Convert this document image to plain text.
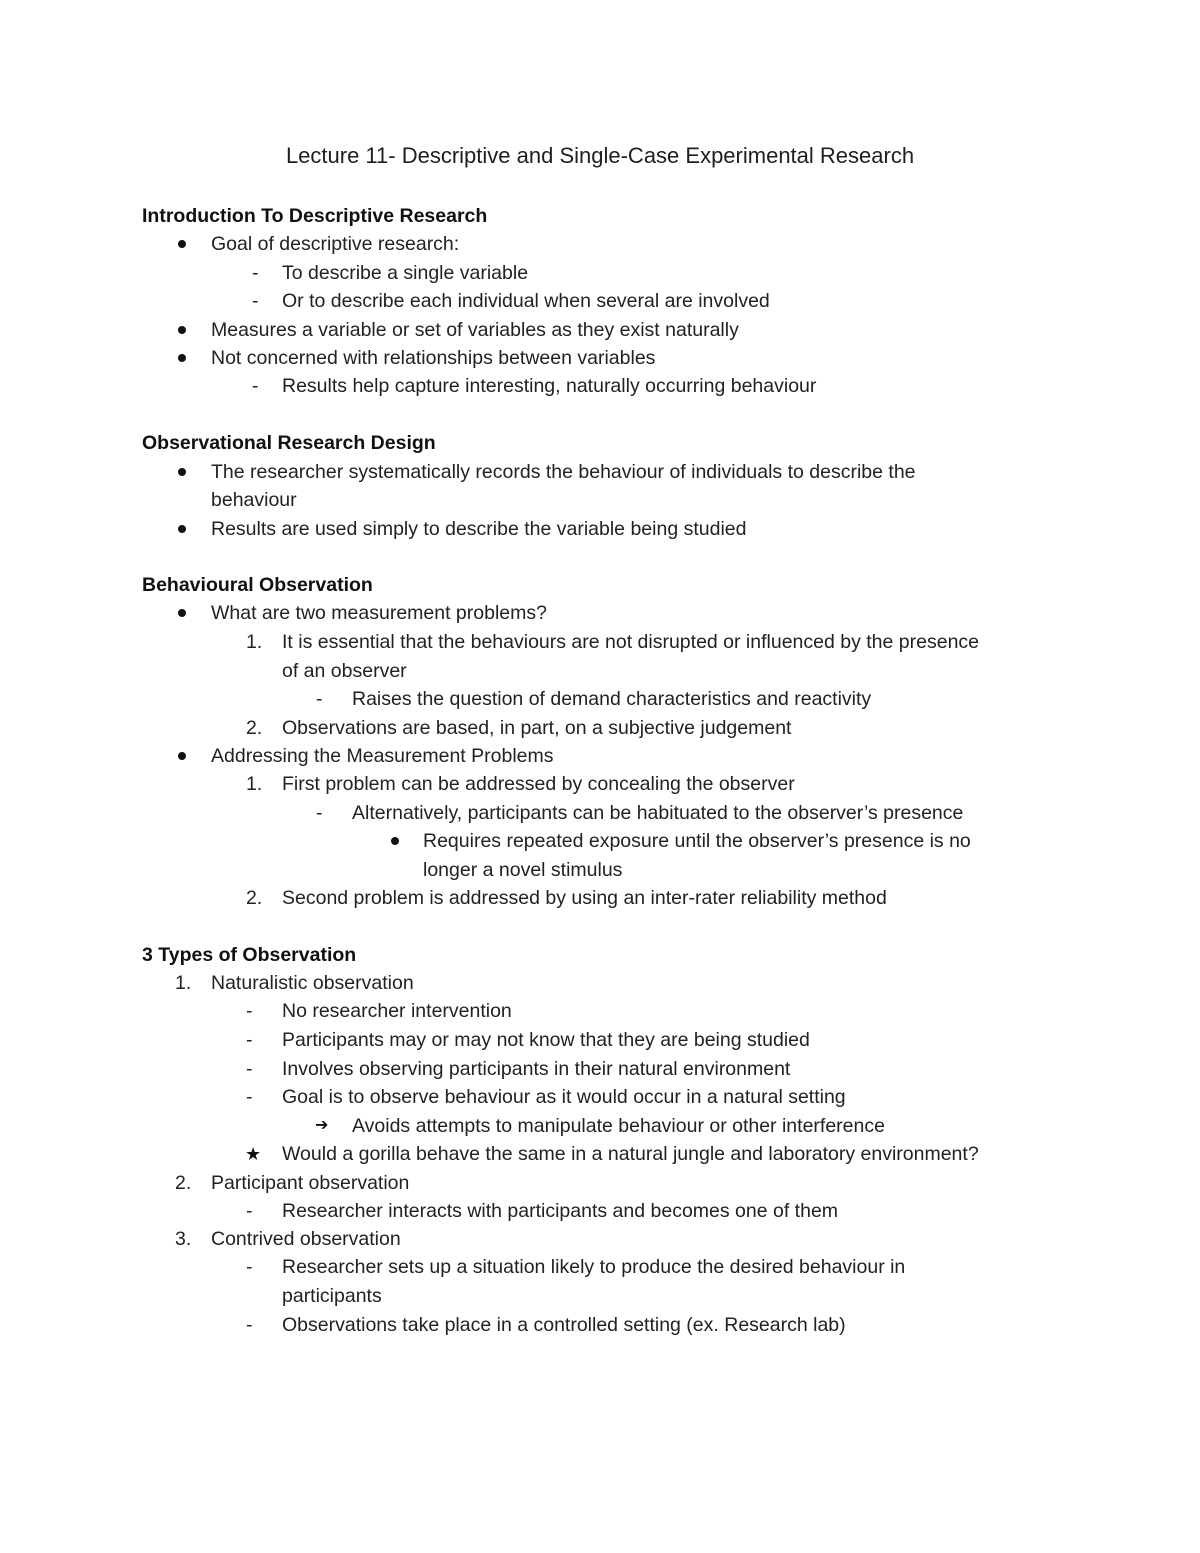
Lecture 11- Descriptive and Single-Case Experimental Research
Introduction To Descriptive Research
Goal of descriptive research:
- To describe a single variable
- Or to describe each individual when several are involved
Measures a variable or set of variables as they exist naturally
Not concerned with relationships between variables
- Results help capture interesting, naturally occurring behaviour
Observational Research Design
The researcher systematically records the behaviour of individuals to describe the
behaviour
Results are used simply to describe the variable being studied
Behavioural Observation
What are two measurement problems?
1. It is essential that the behaviours are not disrupted or influenced by the presence
of an observer
- Raises the question of demand characteristics and reactivity
2. Observations are based, in part, on a subjective judgement
Addressing the Measurement Problems
1. First problem can be addressed by concealing the observer
- Alternatively, participants can be habituated to the observer’s presence
Requires repeated exposure until the observer’s presence is no
longer a novel stimulus
2. Second problem is addressed by using an inter-rater reliability method
3 Types of Observation
1. Naturalistic observation
- No researcher intervention
- Participants may or may not know that they are being studied
- Involves observing participants in their natural environment
- Goal is to observe behaviour as it would occur in a natural setting
➔ Avoids attempts to manipulate behaviour or other interference
★ Would a gorilla behave the same in a natural jungle and laboratory environment?
2. Participant observation
- Researcher interacts with participants and becomes one of them
3. Contrived observation
- Researcher sets up a situation likely to produce the desired behaviour in
participants
- Observations take place in a controlled setting (ex. Research lab)
